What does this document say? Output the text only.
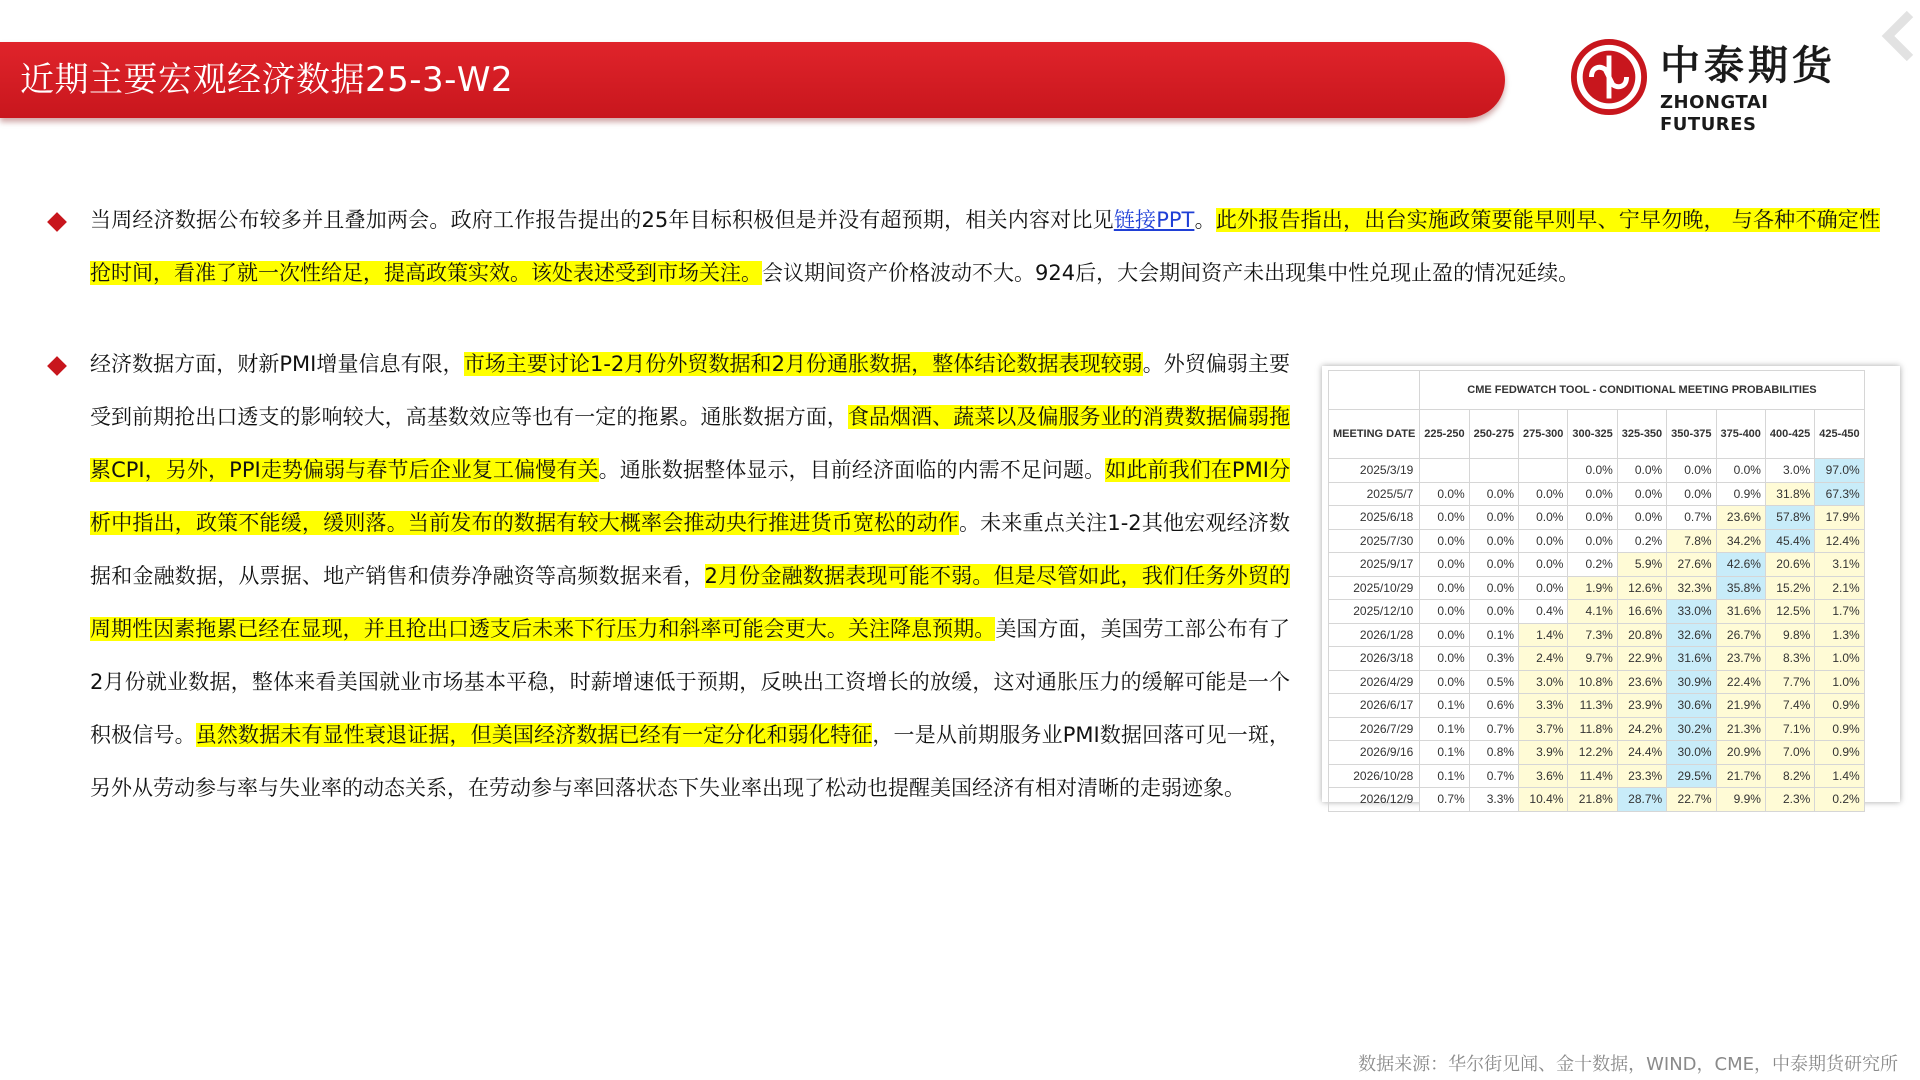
近期主要宏观经济数据25-3-W2	中泰期货
ZHONGTAI FUTURES
当周经济数据公布较多并且叠加两会。政府工作报告提出的25年目标积极但是并没有超预期，相关内容对比见链接PPT。此外报告指出，出台实施政策要能早则早、宁早勿晚， 与各种不确定性抢时间，看准了就一次性给足，提高政策实效。该处表述受到市场关注。会议期间资产价格波动不大。924后，大会期间资产未出现集中性兑现止盈的情况延续。
经济数据方面，财新PMI增量信息有限，市场主要讨论1-2月份外贸数据和2月份通胀数据，整体结论数据表现较弱。外贸偏弱主要受到前期抢出口透支的影响较大，高基数效应等也有一定的拖累。通胀数据方面，食品烟酒、蔬菜以及偏服务业的消费数据偏弱拖累CPI，另外，PPI走势偏弱与春节后企业复工偏慢有关。通胀数据整体显示，目前经济面临的内需不足问题。如此前我们在PMI分析中指出，政策不能缓，缓则落。当前发布的数据有较大概率会推动央行推进货币宽松的动作。未来重点关注1-2其他宏观经济数据和金融数据，从票据、地产销售和债券净融资等高频数据来看，2月份金融数据表现可能不弱。但是尽管如此，我们任务外贸的周期性因素拖累已经在显现，并且抢出口透支后未来下行压力和斜率可能会更大。关注降息预期。美国方面，美国劳工部公布有了2月份就业数据，整体来看美国就业市场基本平稳，时薪增速低于预期，反映出工资增长的放缓，这对通胀压力的缓解可能是一个积极信号。虽然数据未有显性衰退证据，但美国经济数据已经有一定分化和弱化特征，一是从前期服务业PMI数据回落可见一斑，另外从劳动参与率与失业率的动态关系，在劳动参与率回落状态下失业率出现了松动也提醒美国经济有相对清晰的走弱迹象。
	CME FEDWATCH TOOL - CONDITIONAL MEETING PROBABILITIES								
MEETING DATE	225-250	250-275	275-300	300-325	325-350	350-375	375-400	400-425	425-450
2025/3/19				0.0%	0.0%	0.0%	0.0%	3.0%	97.0%
2025/5/7	0.0%	0.0%	0.0%	0.0%	0.0%	0.0%	0.9%	31.8%	67.3%
2025/6/18	0.0%	0.0%	0.0%	0.0%	0.0%	0.7%	23.6%	57.8%	17.9%
2025/7/30	0.0%	0.0%	0.0%	0.0%	0.2%	7.8%	34.2%	45.4%	12.4%
2025/9/17	0.0%	0.0%	0.0%	0.2%	5.9%	27.6%	42.6%	20.6%	3.1%
2025/10/29	0.0%	0.0%	0.0%	1.9%	12.6%	32.3%	35.8%	15.2%	2.1%
2025/12/10	0.0%	0.0%	0.4%	4.1%	16.6%	33.0%	31.6%	12.5%	1.7%
2026/1/28	0.0%	0.1%	1.4%	7.3%	20.8%	32.6%	26.7%	9.8%	1.3%
2026/3/18	0.0%	0.3%	2.4%	9.7%	22.9%	31.6%	23.7%	8.3%	1.0%
2026/4/29	0.0%	0.5%	3.0%	10.8%	23.6%	30.9%	22.4%	7.7%	1.0%
2026/6/17	0.1%	0.6%	3.3%	11.3%	23.9%	30.6%	21.9%	7.4%	0.9%
2026/7/29	0.1%	0.7%	3.7%	11.8%	24.2%	30.2%	21.3%	7.1%	0.9%
2026/9/16	0.1%	0.8%	3.9%	12.2%	24.4%	30.0%	20.9%	7.0%	0.9%
2026/10/28	0.1%	0.7%	3.6%	11.4%	23.3%	29.5%	21.7%	8.2%	1.4%
2026/12/9	0.7%	3.3%	10.4%	21.8%	28.7%	22.7%	9.9%	2.3%	0.2%
数据来源：华尔街见闻、金十数据，WIND，CME，中泰期货研究所
